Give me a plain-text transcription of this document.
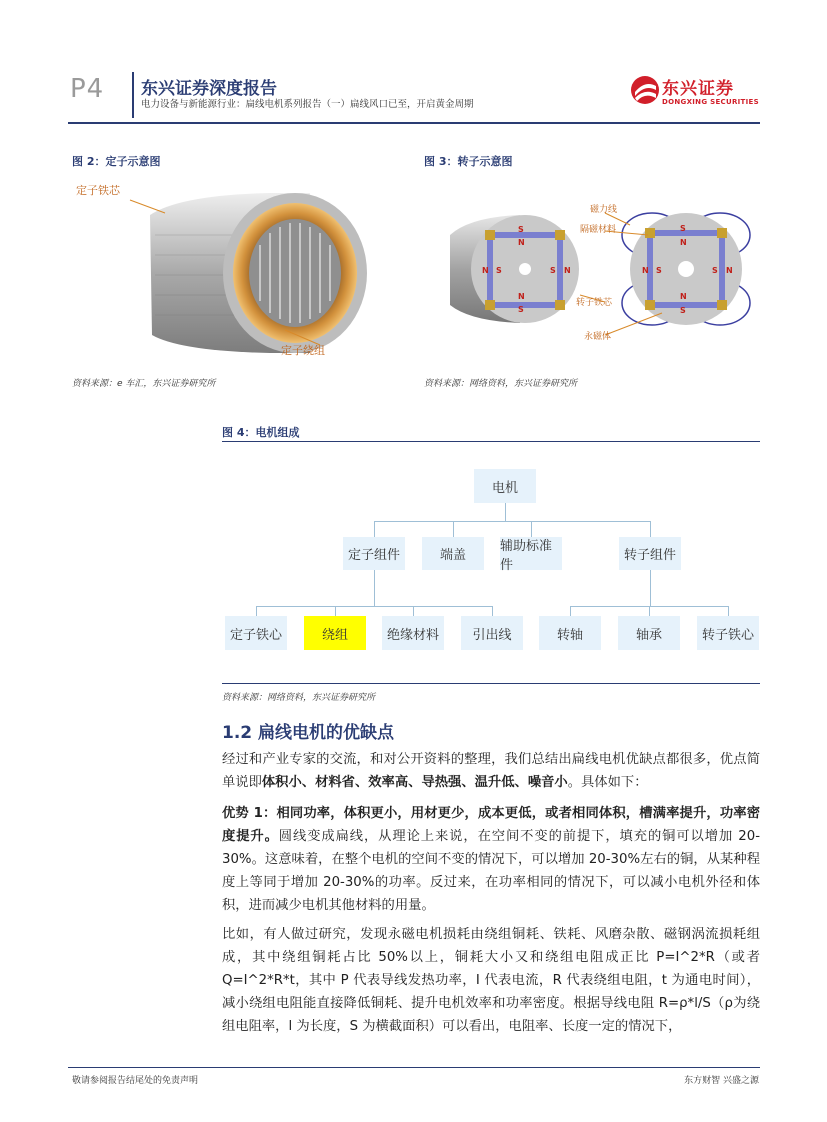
P4 东兴证券深度报告
电力设备与新能源行业：扁线电机系列报告（一）扁线风口已至，开启黄金周期
东兴证券
DONGXING SECURITIES
图 2：定子示意图
定子铁芯
定子绕组
资料来源：e 车汇，东兴证券研究所
图 3：转子示意图
S
N
N
S
N S	S N
S
N
N
S
N S	S N
磁力线
隔磁材料
转子铁芯
永磁体
资料来源：网络资料，东兴证券研究所
图 4：电机组成
电机
定子组件	端盖
辅助标准件
转子组件
定子铁心	绕组	绝缘材料	引出线	转轴	轴承	转子铁心
资料来源：网络资料，东兴证券研究所
1.2 扁线电机的优缺点
经过和产业专家的交流，和对公开资料的整理，我们总结出扁线电机优缺点都很多，优点简单说即体积小、材料省、效率高、导热强、温升低、噪音小。具体如下：
优势 1：相同功率，体积更小，用材更少，成本更低，或者相同体积，槽满率提升，功率密度提升。圆线变成扁线，从理论上来说，在空间不变的前提下，填充的铜可以增加 20-30%。这意味着，在整个电机的空间不变的情况下，可以增加 20-30%左右的铜，从某种程度上等同于增加 20-30%的功率。反过来，在功率相同的情况下，可以减小电机外径和体积，进而减少电机其他材料的用量。
比如，有人做过研究，发现永磁电机损耗由绕组铜耗、铁耗、风磨杂散、磁钢涡流损耗组成，其中绕组铜耗占比 50%以上，铜耗大小又和绕组电阻成正比 P=I^2*R（或者 Q=I^2*R*t，其中 P 代表导线发热功率，I 代表电流，R 代表绕组电阻，t 为通电时间），减小绕组电阻能直接降低铜耗、提升电机效率和功率密度。根据导线电阻 R=ρ*l/S（ρ为绕组电阻率，l 为长度，S 为横截面积）可以看出，电阻率、长度一定的情况下，
敬请参阅报告结尾处的免责声明	东方财智 兴盛之源
